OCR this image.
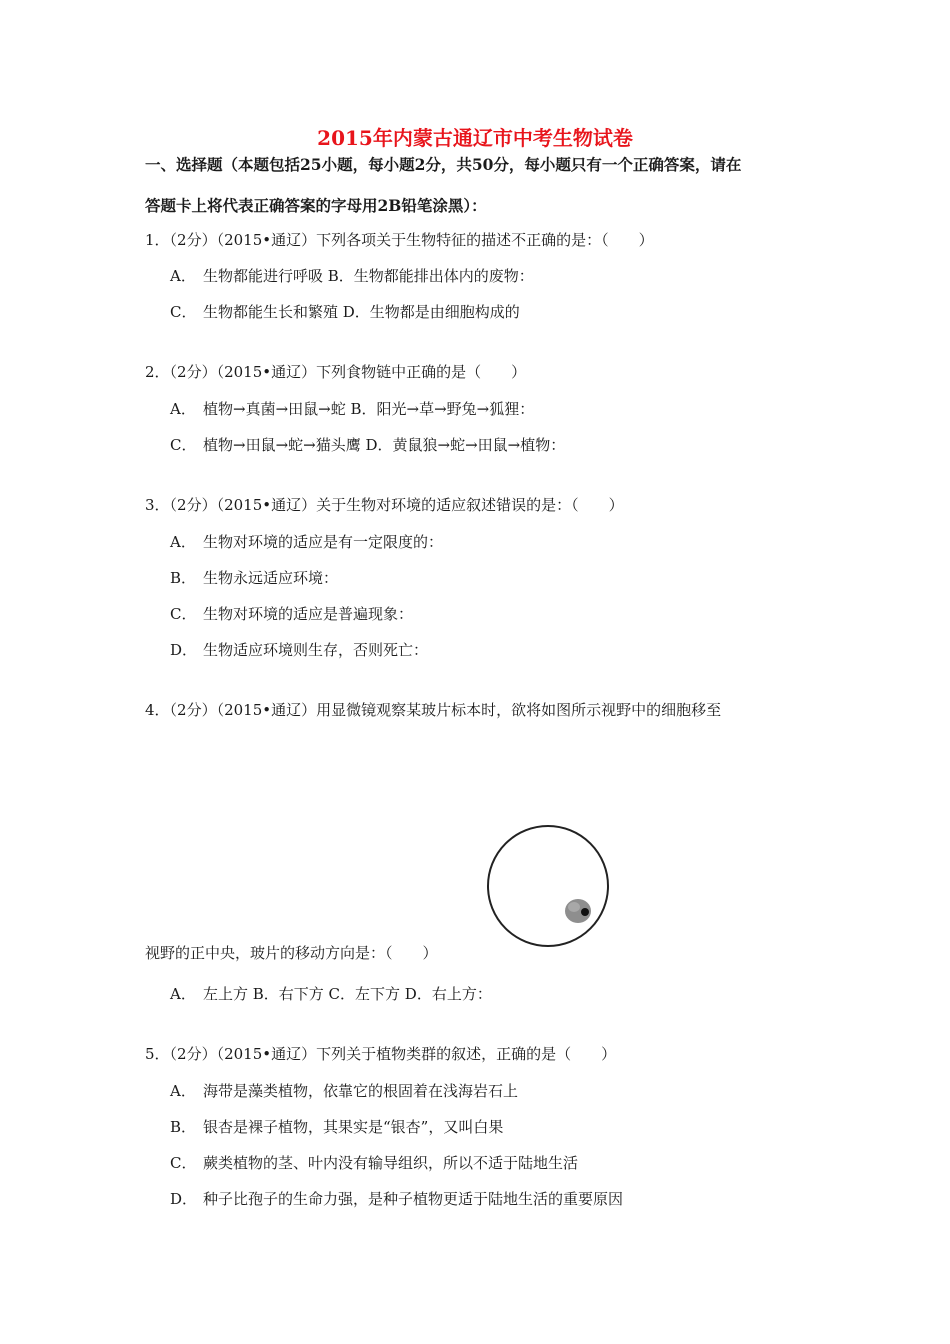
2015年内蒙古通辽市中考生物试卷
一、选择题（本题包括25小题，每小题2分，共50分，每小题只有一个正确答案，请在
答题卡上将代表正确答案的字母用2B铅笔涂黑）：
1．（2分）（2015•通辽）下列各项关于生物特征的描述不正确的是：（　　）
A． 生物都能进行呼吸 B．生物都能排出体内的废物：
C． 生物都能生长和繁殖 D．生物都是由细胞构成的
2．（2分）（2015•通辽）下列食物链中正确的是（　　）
A． 植物→真菌→田鼠→蛇 B．阳光→草→野兔→狐狸：
C． 植物→田鼠→蛇→猫头鹰 D．黄鼠狼→蛇→田鼠→植物：
3．（2分）（2015•通辽）关于生物对环境的适应叙述错误的是：（　　）
A． 生物对环境的适应是有一定限度的：
B． 生物永远适应环境：
C． 生物对环境的适应是普遍现象：
D． 生物适应环境则生存，否则死亡：
4．（2分）（2015•通辽）用显微镜观察某玻片标本时，欲将如图所示视野中的细胞移至
视野的正中央，玻片的移动方向是：（　　）
A． 左上方 B．右下方 C．左下方 D．右上方：
5．（2分）（2015•通辽）下列关于植物类群的叙述，正确的是（　　）
A． 海带是藻类植物，依靠它的根固着在浅海岩石上
B． 银杏是裸子植物，其果实是“银杏”，又叫白果
C． 蕨类植物的茎、叶内没有输导组织，所以不适于陆地生活
D． 种子比孢子的生命力强，是种子植物更适于陆地生活的重要原因
